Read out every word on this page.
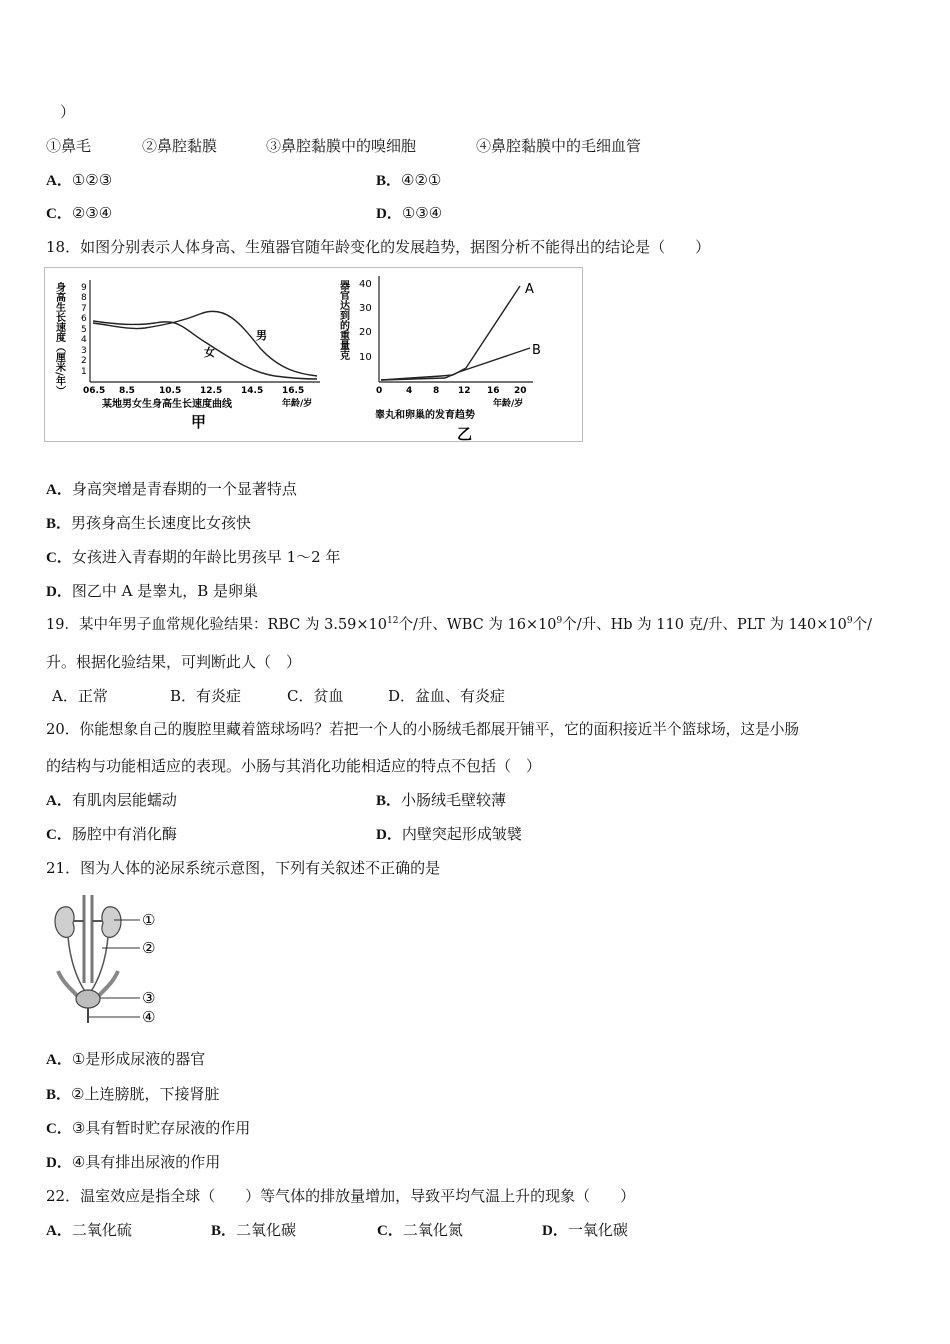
）
①鼻毛	②鼻腔黏膜	③鼻腔黏膜中的嗅细胞	④鼻腔黏膜中的毛细血管
A．①②③	B．④②①
C．②③④	D．①③④
18．如图分别表示人体身高、生殖器官随年龄变化的发展趋势，据图分析不能得出的结论是（　　）
身高生长速度（厘米/年） 9
8
7
6
5
4
3
2
1
06.5 8.5	10.5 12.5 14.5 16.5
年龄/岁
男
女
某地男女生身高生长速度曲线
甲
器官达到的重量克 40
30
20
10
0	4 8 12 16 20
年龄/岁
A
B
睾丸和卵巢的发育趋势
乙
A．身高突增是青春期的一个显著特点
B．男孩身高生长速度比女孩快
C．女孩进入青春期的年龄比男孩早 1～2 年
D．图乙中 A 是睾丸，B 是卵巢
19．某中年男子血常规化验结果：RBC 为 $3.59\times 10^{12}$个/升、WBC 为 $16\times 10^9$个/升、Hb 为 110 克/升、PLT 为 $140\times 10^9$个/
升。根据化验结果，可判断此人（　）
A．正常	B．有炎症	C．贫血	D．盆血、有炎症
20．你能想象自己的腹腔里藏着篮球场吗？若把一个人的小肠绒毛都展开铺平，它的面积接近半个篮球场，这是小肠
的结构与功能相适应的表现。小肠与其消化功能相适应的特点不包括（　）
A．有肌肉层能蠕动	B．小肠绒毛壁较薄
C．肠腔中有消化酶	D．内壁突起形成皱襞
21．图为人体的泌尿系统示意图，下列有关叙述不正确的是
①
②
③
④
A．①是形成尿液的器官
B．②上连膀胱，下接肾脏
C．③具有暂时贮存尿液的作用
D．④具有排出尿液的作用
22．温室效应是指全球（　　）等气体的排放量增加，导致平均气温上升的现象（　　）
A．二氧化硫	B．二氧化碳	C．二氧化氮	D．一氧化碳
